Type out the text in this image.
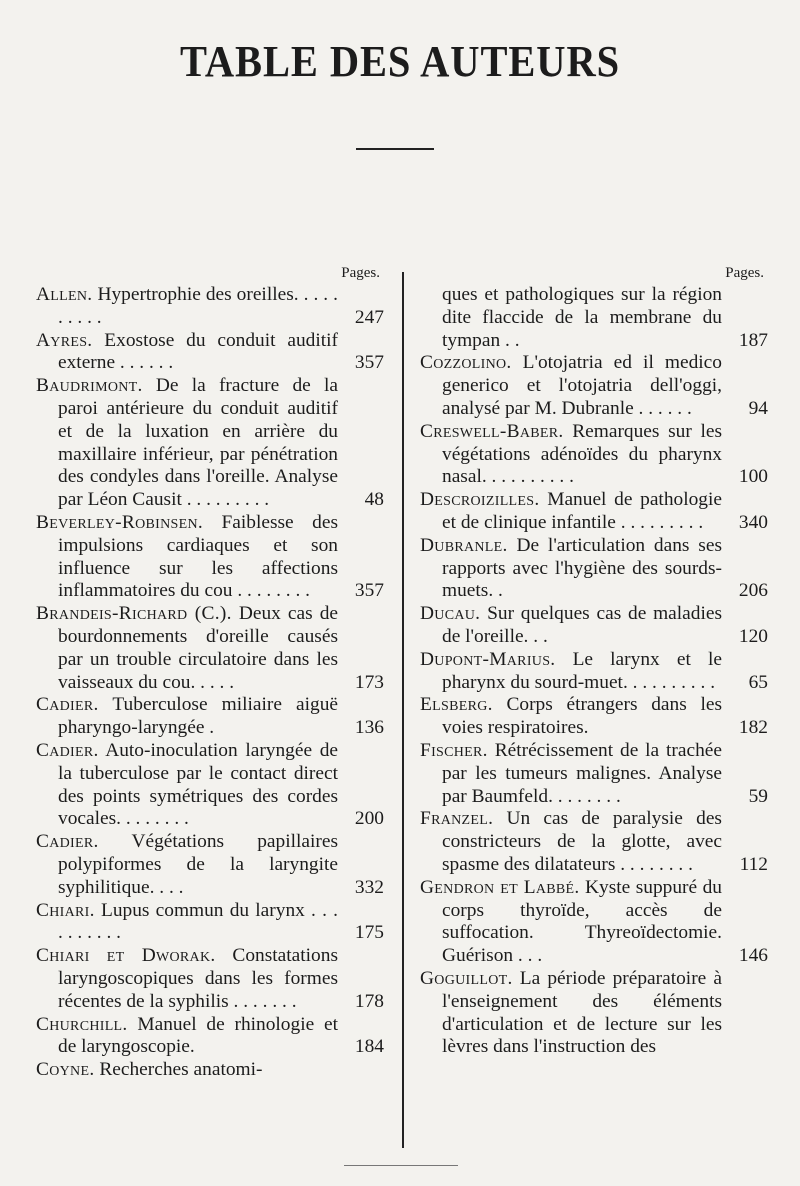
TABLE DES AUTEURS
Pages.
Allen. Hypertrophie des oreilles. . . . . . . . . .	247
Ayres. Exostose du conduit auditif externe . . . . . .	357
Baudrimont. De la fracture de la paroi antérieure du conduit auditif et de la luxation en arrière du maxillaire inférieur, par pénétration des condyles dans l'oreille. Analyse par Léon Causit . . . . . . . . .	48
Beverley-Robinsen. Faiblesse des impulsions cardiaques et son influence sur les affections inflammatoires du cou . . . . . . . .	357
Brandeis-Richard (C.). Deux cas de bourdonnements d'oreille causés par un trouble circulatoire dans les vaisseaux du cou. . . . .	173
Cadier. Tuberculose miliaire aiguë pharyngo-laryngée .	136
Cadier. Auto-inoculation laryngée de la tuberculose par le contact direct des points symétriques des cordes vocales. . . . . . . .	200
Cadier. Végétations papillaires polypiformes de la laryngite syphilitique. . . .	332
Chiari. Lupus commun du larynx . . . . . . . . . .	175
Chiari et Dworak. Constatations laryngoscopiques dans les formes récentes de la syphilis . . . . . . .	178
Churchill. Manuel de rhinologie et de laryngoscopie.	184
Coyne. Recherches anatomi-
Pages.
ques et pathologiques sur la région dite flaccide de la membrane du tympan . .	187
Cozzolino. L'otojatria ed il medico generico et l'otojatria dell'oggi, analysé par M. Dubranle . . . . . .	94
Creswell-Baber. Remarques sur les végétations adénoïdes du pharynx nasal. . . . . . . . . .	100
Descroizilles. Manuel de pathologie et de clinique infantile . . . . . . . . .	340
Dubranle. De l'articulation dans ses rapports avec l'hygiène des sourds-muets. .	206
Ducau. Sur quelques cas de maladies de l'oreille. . .	120
Dupont-Marius. Le larynx et le pharynx du sourd-muet. . . . . . . . . .	65
Elsberg. Corps étrangers dans les voies respiratoires.	182
Fischer. Rétrécissement de la trachée par les tumeurs malignes. Analyse par Baumfeld. . . . . . . .	59
Franzel. Un cas de paralysie des constricteurs de la glotte, avec spasme des dilatateurs . . . . . . . .	112
Gendron et Labbé. Kyste suppuré du corps thyroïde, accès de suffocation. Thyreoïdectomie. Guérison . . .	146
Goguillot. La période préparatoire à l'enseignement des éléments d'articulation et de lecture sur les lèvres dans l'instruction des
